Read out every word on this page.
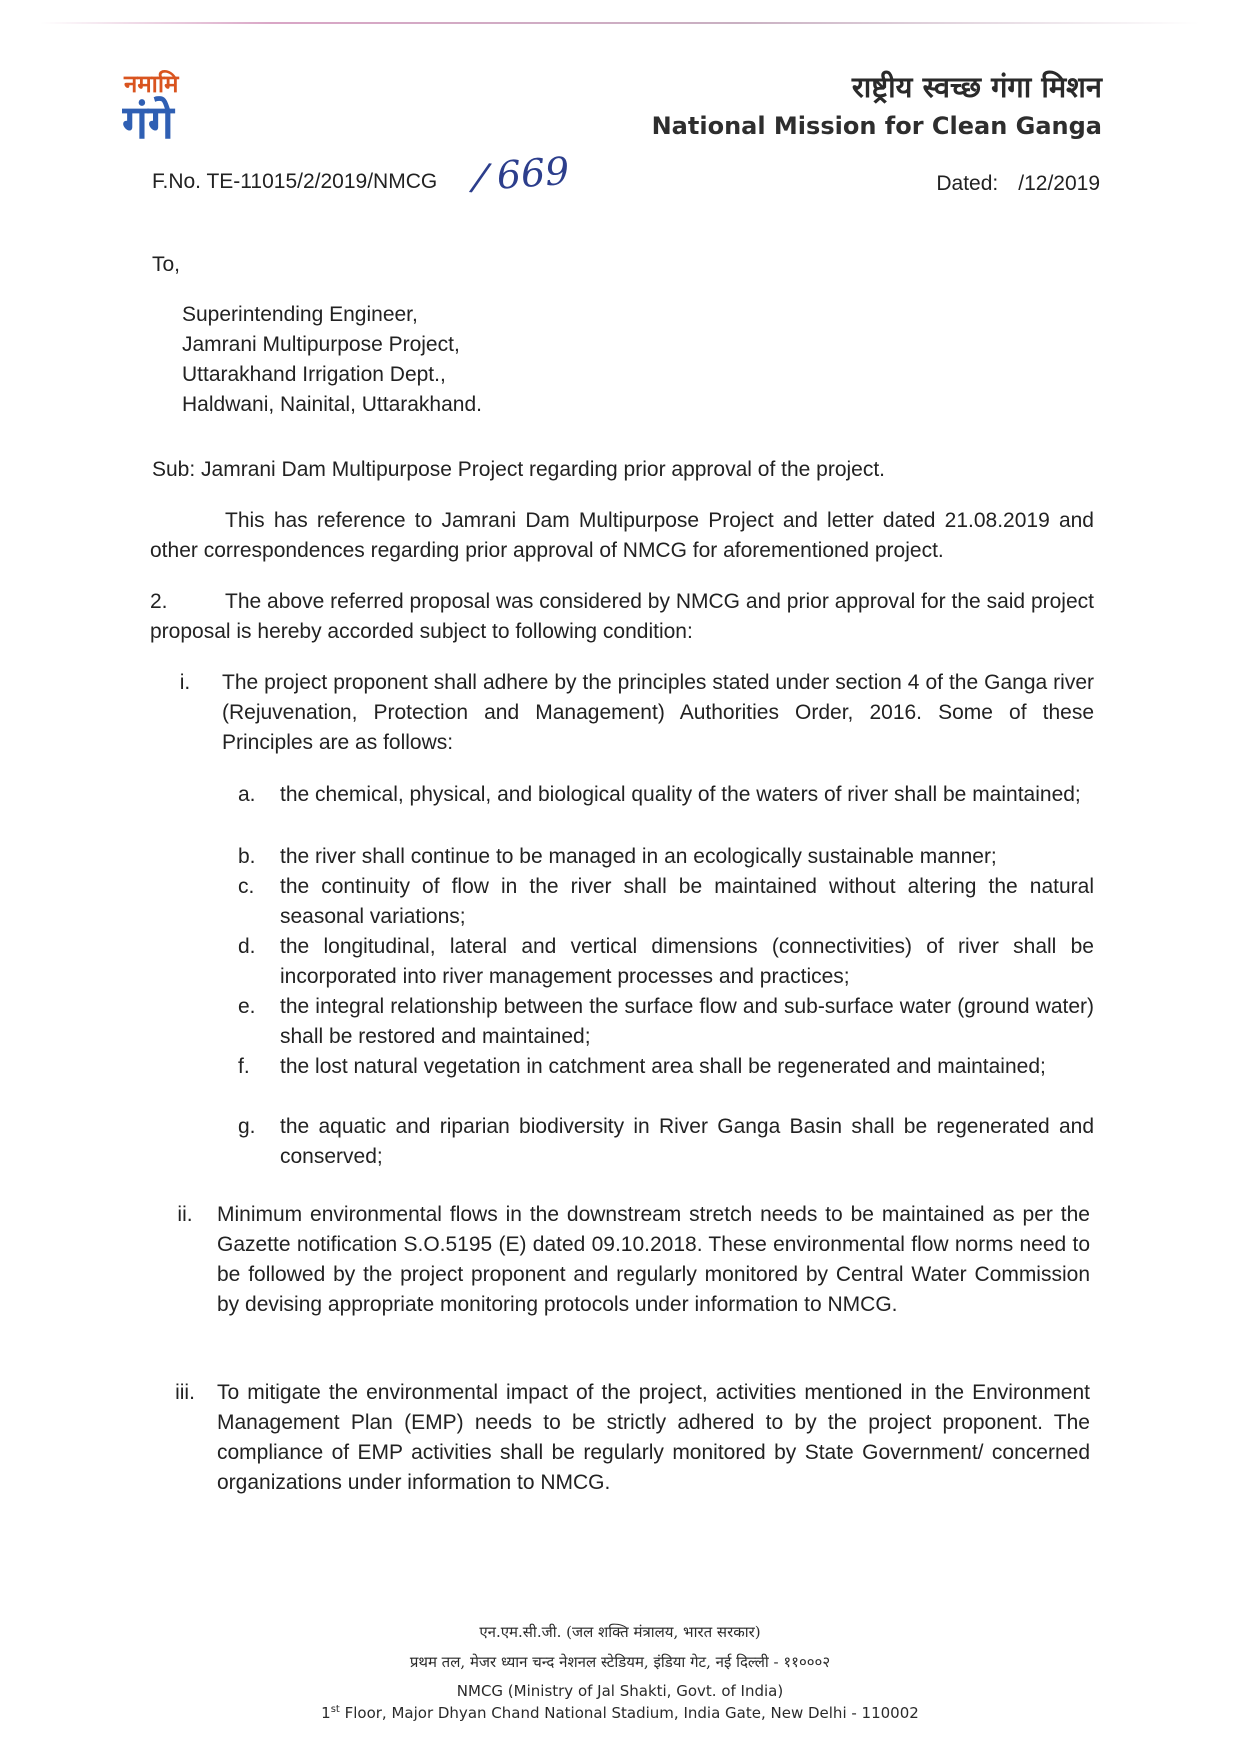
नमामि
गंगे
राष्ट्रीय स्वच्छ गंगा मिशन
National Mission for Clean Ganga
F.No. TE-11015/2/2019/NMCG / 669	Dated: /12/2019
To,
Superintending Engineer,
Jamrani Multipurpose Project,
Uttarakhand Irrigation Dept.,
Haldwani, Nainital, Uttarakhand.
Sub: Jamrani Dam Multipurpose Project regarding prior approval of the project.
This has reference to Jamrani Dam Multipurpose Project and letter dated 21.08.2019 and other correspondences regarding prior approval of NMCG for aforementioned project.
2.	The above referred proposal was considered by NMCG and prior approval for the said project proposal is hereby accorded subject to following condition:
i.	The project proponent shall adhere by the principles stated under section 4 of the Ganga river (Rejuvenation, Protection and Management) Authorities Order, 2016. Some of these Principles are as follows:
a.	the chemical, physical, and biological quality of the waters of river shall be maintained;
b.	the river shall continue to be managed in an ecologically sustainable manner;
c.	the continuity of flow in the river shall be maintained without altering the natural seasonal variations;
d.	the longitudinal, lateral and vertical dimensions (connectivities) of river shall be incorporated into river management processes and practices;
e.	the integral relationship between the surface flow and sub-surface water (ground water) shall be restored and maintained;
f.	the lost natural vegetation in catchment area shall be regenerated and maintained;
g.	the aquatic and riparian biodiversity in River Ganga Basin shall be regenerated and conserved;
ii.	Minimum environmental flows in the downstream stretch needs to be maintained as per the Gazette notification S.O.5195 (E) dated 09.10.2018. These environmental flow norms need to be followed by the project proponent and regularly monitored by Central Water Commission by devising appropriate monitoring protocols under information to NMCG.
iii.	To mitigate the environmental impact of the project, activities mentioned in the Environment Management Plan (EMP) needs to be strictly adhered to by the project proponent. The compliance of EMP activities shall be regularly monitored by State Government/ concerned organizations under information to NMCG.
एन.एम.सी.जी. (जल शक्ति मंत्रालय, भारत सरकार)
प्रथम तल, मेजर ध्यान चन्द नेशनल स्टेडियम, इंडिया गेट, नई दिल्ली - ११०००२
NMCG (Ministry of Jal Shakti, Govt. of India)
1st Floor, Major Dhyan Chand National Stadium, India Gate, New Delhi - 110002
